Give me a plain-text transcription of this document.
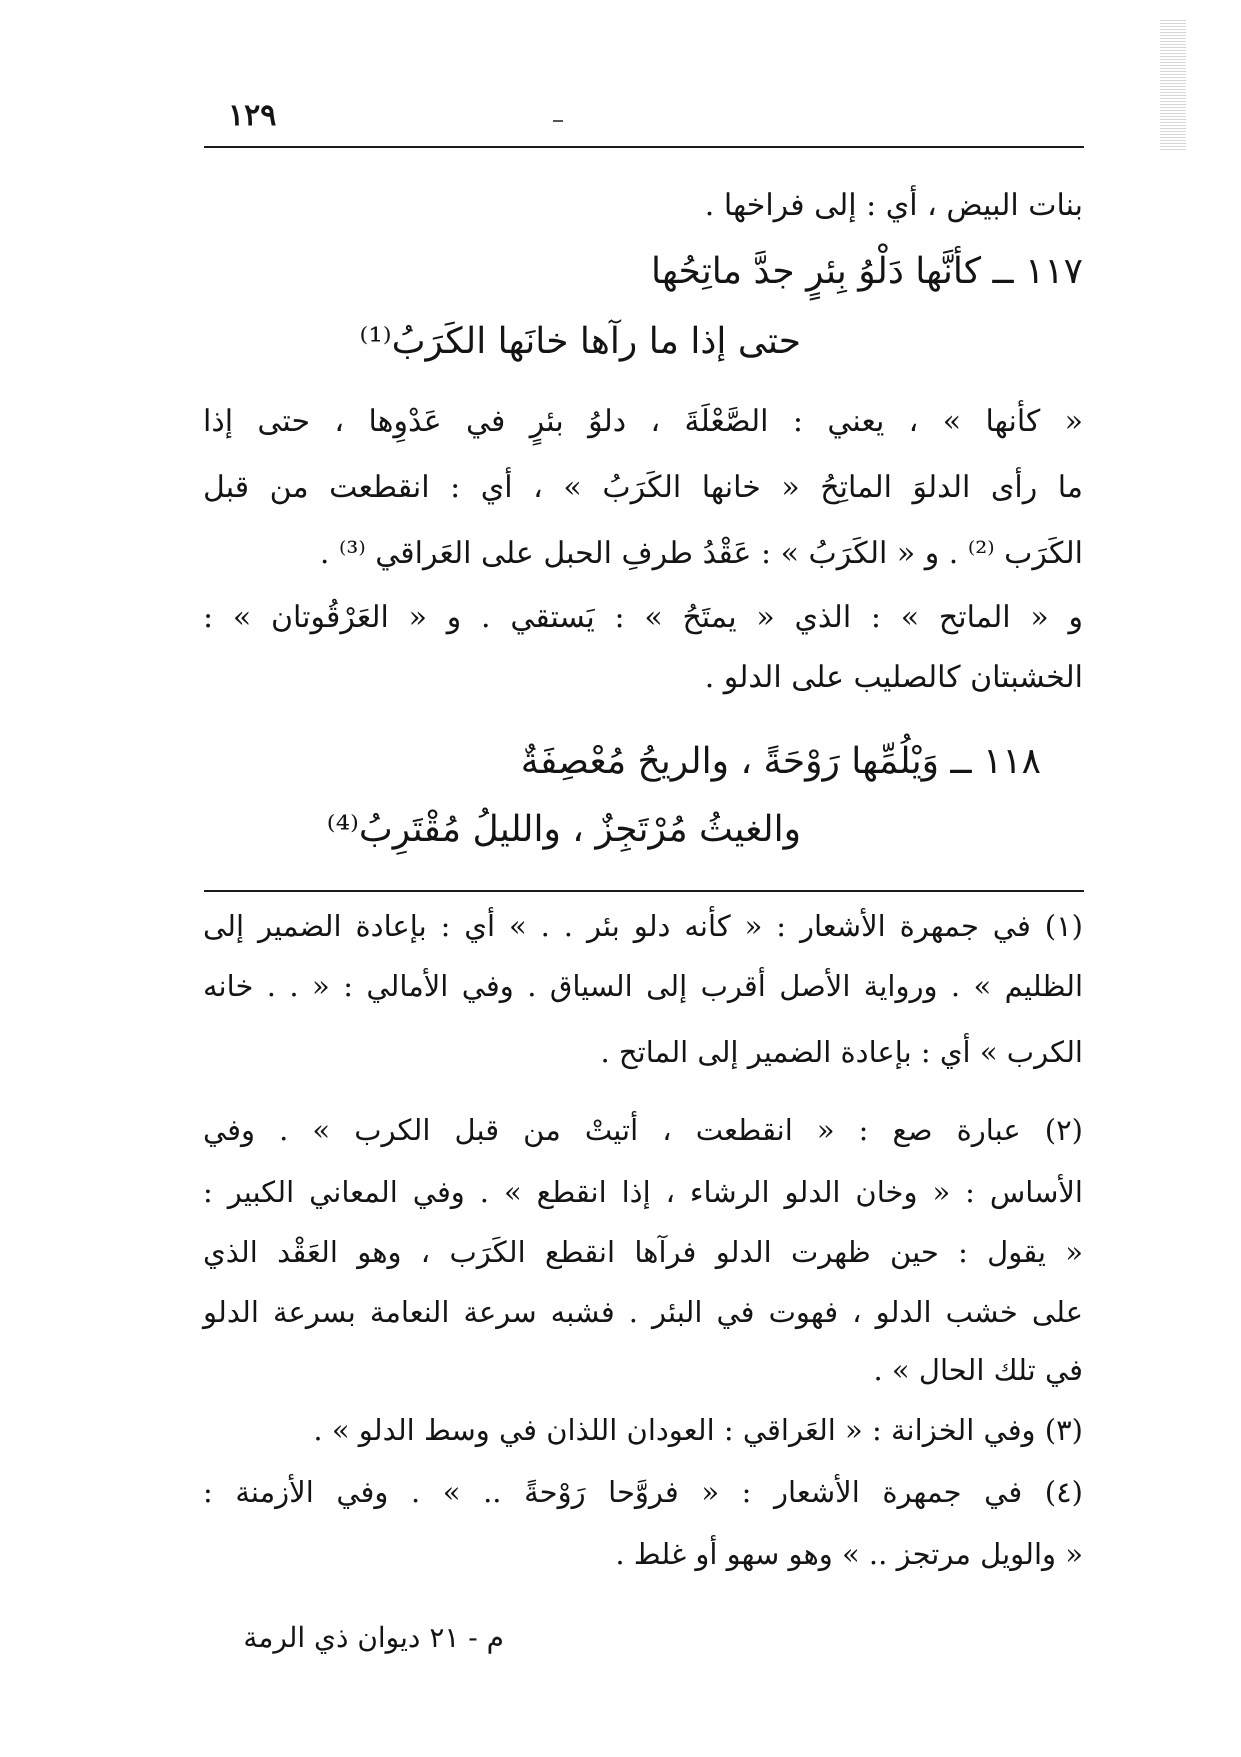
١٢٩
بنات البيض ، أي : إلى فراخها .
١١٧ ــ كأنَّها دَلْوُ بِئرٍ جدَّ ماتِحُها
حتى إذا ما رآها خانَها الكَرَبُ⁽¹⁾
« كأنها » ، يعني : الصَّعْلَةَ ، دلوُ بئرٍ في عَدْوِها ، حتى إذا
ما رأى الدلوَ الماتِحُ « خانها الكَرَبُ » ، أي : انقطعت من قبل
الكَرَب ⁽²⁾ . و « الكَرَبُ » : عَقْدُ طرفِ الحبل على العَراقي ⁽³⁾ .
و « الماتح » : الذي « يمتَحُ » : يَستقي . و « العَرْقُوتان » :
الخشبتان كالصليب على الدلو .
١١٨ ــ وَيْلُمِّها رَوْحَةً ، والريحُ مُعْصِفَةٌ
والغيثُ مُرْتَجِزٌ ، والليلُ مُقْتَرِبُ⁽⁴⁾
(١) في جمهرة الأشعار : « كأنه دلو بئر . . » أي : بإعادة الضمير إلى
الظليم » . ورواية الأصل أقرب إلى السياق . وفي الأمالي : « . . خانه
الكرب » أي : بإعادة الضمير إلى الماتح .
(٢) عبارة صع : « انقطعت ، أتيتْ من قبل الكرب » . وفي
الأساس : « وخان الدلو الرشاء ، إذا انقطع » . وفي المعاني الكبير :
« يقول : حين ظهرت الدلو فرآها انقطع الكَرَب ، وهو العَقْد الذي
على خشب الدلو ، فهوت في البئر . فشبه سرعة النعامة بسرعة الدلو
في تلك الحال » .
(٣) وفي الخزانة : « العَراقي : العودان اللذان في وسط الدلو » .
(٤) في جمهرة الأشعار : « فروَّحا رَوْحةً .. » . وفي الأزمنة :
« والويل مرتجز .. » وهو سهو أو غلط .
م - ٢١ ديوان ذي الرمة
